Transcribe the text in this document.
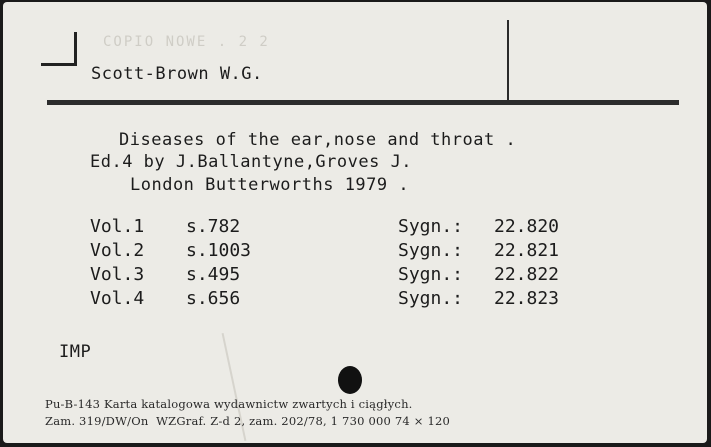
COPIO NOWE . 2 2
Scott-Brown W.G.
Diseases of the ear,nose and throat .
Ed.4 by J.Ballantyne,Groves J.
London Butterworths 1979 .
Vol.1 s.782	Sygn.: 22.820
Vol.2 s.1003	Sygn.: 22.821
Vol.3 s.495	Sygn.: 22.822
Vol.4 s.656	Sygn.: 22.823
IMP
Pu-B-143 Karta katalogowa wydawnictw zwartych i ciągłych.
Zam. 319/DW/On  WZGraf. Z-d 2, zam. 202/78, 1 730 000 74 × 120
